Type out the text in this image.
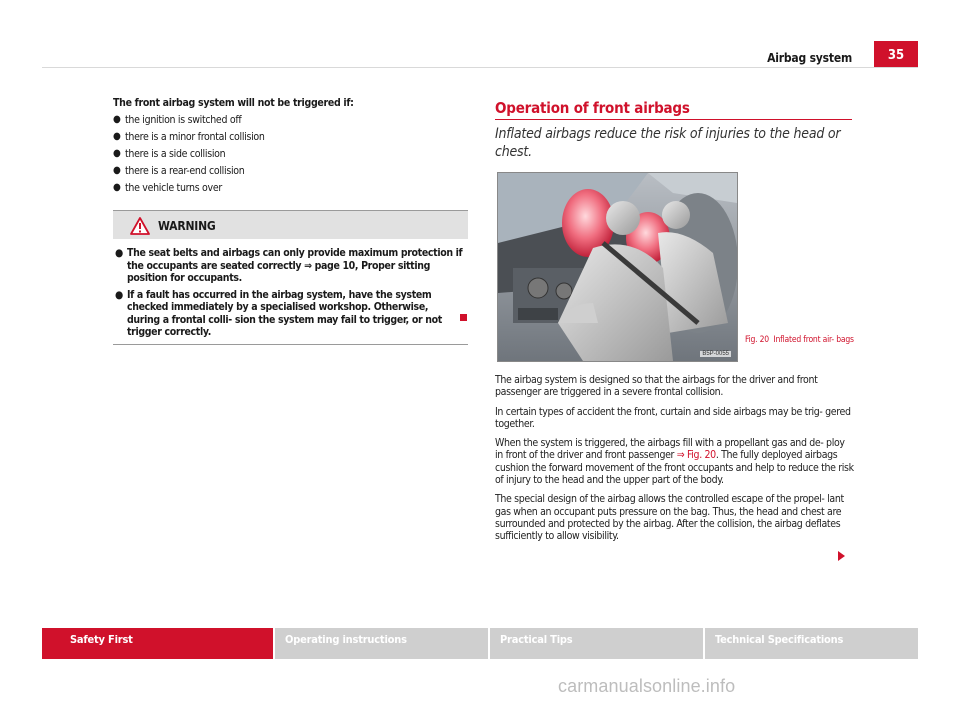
Airbag system	35
The front airbag system will not be triggered if:
● the ignition is switched off
● there is a minor frontal collision
● there is a side collision
● there is a rear-end collision
● the vehicle turns over
WARNING
● The seat belts and airbags can only provide maximum protection if the occupants are seated correctly ⇒ page 10, Proper sitting position for occupants.
● If a fault has occurred in the airbag system, have the system checked immediately by a specialised workshop. Otherwise, during a frontal colli- sion the system may fail to trigger, or not trigger correctly.
Operation of front airbags
Inflated airbags reduce the risk of injuries to the head or chest.
B5P-0055
Fig. 20 Inflated front air- bags

The airbag system is designed so that the airbags for the driver and front passenger are triggered in a severe frontal collision.

In certain types of accident the front, curtain and side airbags may be trig- gered together.

When the system is triggered, the airbags fill with a propellant gas and de- ploy in front of the driver and front passenger ⇒ Fig. 20. The fully deployed airbags cushion the forward movement of the front occupants and help to reduce the risk of injury to the head and the upper part of the body.

The special design of the airbag allows the controlled escape of the propel- lant gas when an occupant puts pressure on the bag. Thus, the head and chest are surrounded and protected by the airbag. After the collision, the airbag deflates sufficiently to allow visibility.

Safety First	Operating instructions	Practical Tips	Technical Specifications
carmanualsonline.info
